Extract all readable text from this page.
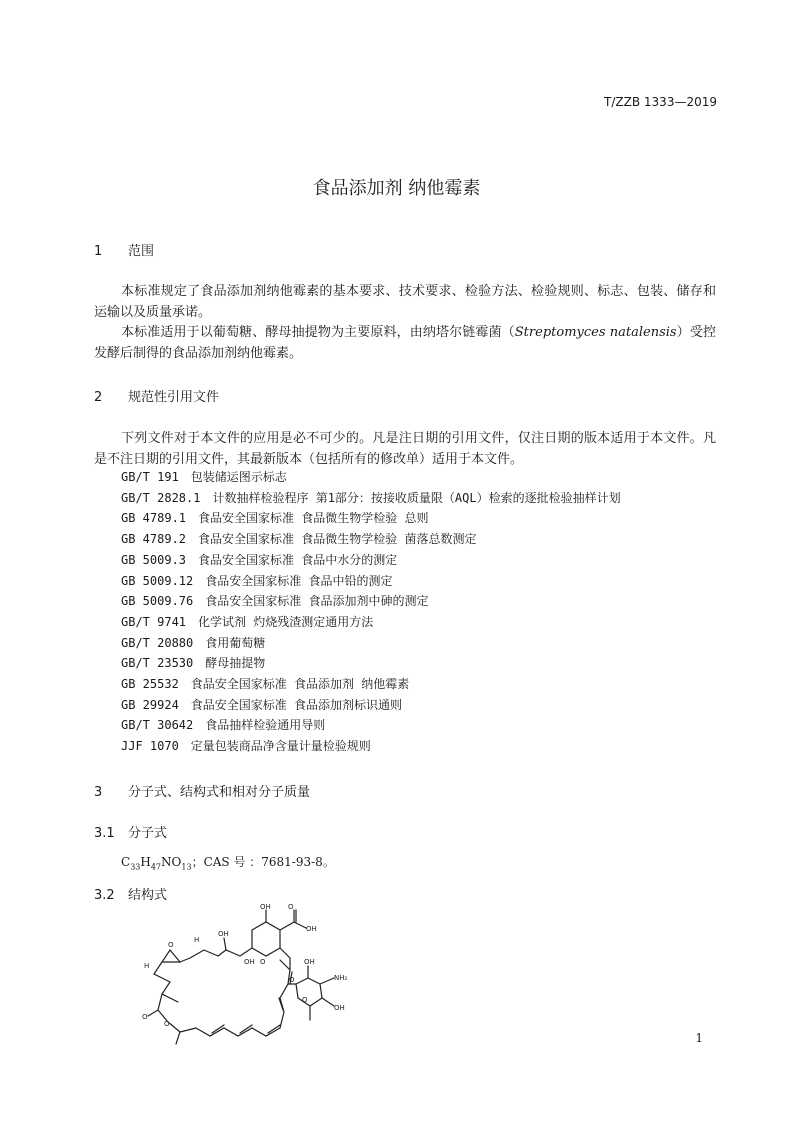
T/ZZB 1333—2019
食品添加剂 纳他霉素
1 范围
本标准规定了食品添加剂纳他霉素的基本要求、技术要求、检验方法、检验规则、标志、包装、储存和运输以及质量承诺。
本标准适用于以葡萄糖、酵母抽提物为主要原料，由纳塔尔链霉菌（Streptomyces natalensis）受控发酵后制得的食品添加剂纳他霉素。
2 规范性引用文件
下列文件对于本文件的应用是必不可少的。凡是注日期的引用文件，仅注日期的版本适用于本文件。凡是不注日期的引用文件，其最新版本（包括所有的修改单）适用于本文件。
GB/T 191 包装储运图示标志
GB/T 2828.1 计数抽样检验程序 第1部分：按接收质量限（AQL）检索的逐批检验抽样计划
GB 4789.1 食品安全国家标准 食品微生物学检验 总则
GB 4789.2 食品安全国家标准 食品微生物学检验 菌落总数测定
GB 5009.3 食品安全国家标准 食品中水分的测定
GB 5009.12 食品安全国家标准 食品中铅的测定
GB 5009.76 食品安全国家标准 食品添加剂中砷的测定
GB/T 9741 化学试剂 灼烧残渣测定通用方法
GB/T 20880 食用葡萄糖
GB/T 23530 酵母抽提物
GB 25532 食品安全国家标准 食品添加剂 纳他霉素
GB 29924 食品安全国家标准 食品添加剂标识通则
GB/T 30642 食品抽样检验通用导则
JJF 1070 定量包装商品净含量计量检验规则
3 分子式、结构式和相对分子质量
3.1 分子式
$C_{33}H_{47}NO_{13}$；CAS 号 ：7681-93-8。
3.2 结构式
OH O
OH
OH
H
O
H	OH O
O
OH
NH₂
O
OH
O
O
1
